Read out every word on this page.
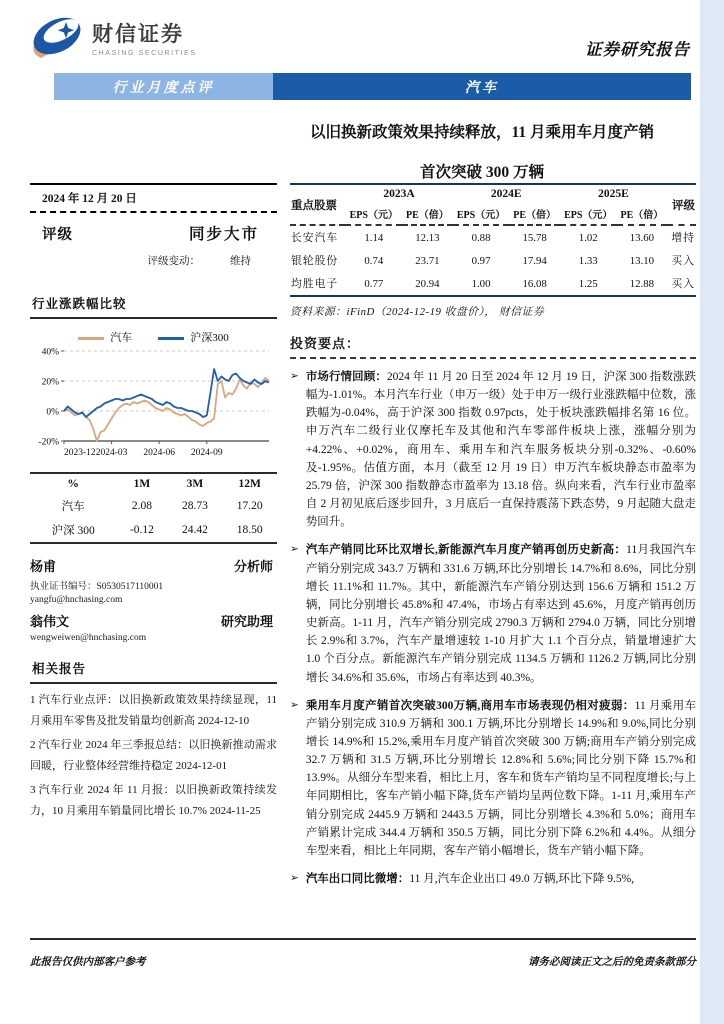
财信证券
CHASING SECURITIES	证券研究报告
行业月度点评	汽车
以旧换新政策效果持续释放，11 月乘用车月度产销
首次突破 300 万辆
2024 年 12 月 20 日
评级	同步大市
评级变动：	维持
行业涨跌幅比较
汽车	沪深300
40%
20%
0%
-20%
2023-12 2024-03 2024-06 2024-09
%	1M	3M	12M
汽车	2.08	28.73	17.20
沪深 300	-0.12	24.42	18.50
杨甫	分析师
执业证书编号：S0530517110001
yangfu@hnchasing.com
翁伟文	研究助理
wengweiwen@hnchasing.com
相关报告
1 汽车行业点评：以旧换新政策效果持续显现，11 月乘用车零售及批发销量均创新高 2024-12-10
2 汽车行业 2024 年三季报总结：以旧换新推动需求回暖，行业整体经营维持稳定 2024-12-01
3 汽车行业 2024 年 11 月报：以旧换新政策持续发力，10 月乘用车销量同比增长 10.7% 2024-11-25
重点股票	2023A		2024E		2025E		评级
	EPS（元）	PE（倍）	EPS（元）	PE（倍）	EPS（元）	PE（倍）	
长安汽车	1.14	12.13	0.88	15.78	1.02	13.60	增持
银轮股份	0.74	23.71	0.97	17.94	1.33	13.10	买入
均胜电子	0.77	20.94	1.00	16.08	1.25	12.88	买入
资料来源：iFinD（2024-12-19 收盘价）， 财信证券
投资要点：
➢ 市场行情回顾：2024 年 11 月 20 日至 2024 年 12 月 19 日，沪深 300 指数涨跌幅为-1.01%。本月汽车行业（申万一级）处于申万一级行业涨跌幅中位数，涨跌幅为-0.04%，高于沪深 300 指数 0.97pcts，处于板块涨跌幅排名第 16 位。申万汽车二级行业仅摩托车及其他和汽车零部件板块上涨，涨幅分别为+4.22%、+0.02%，商用车、乘用车和汽车服务板块分别-0.32%、-0.60%及-1.95%。估值方面，本月（截至 12 月 19 日）申万汽车板块静态市盈率为 25.79 倍，沪深 300 指数静态市盈率为 13.18 倍。纵向来看，汽车行业市盈率自 2 月初见底后逐步回升，3 月底后一直保持震荡下跌态势，9 月起随大盘走势回升。
➢ 汽车产销同比环比双增长,新能源汽车月度产销再创历史新高：11月我国汽车产销分别完成 343.7 万辆和 331.6 万辆,环比分别增长 14.7%和 8.6%，同比分别增长 11.1%和 11.7%。其中，新能源汽车产销分别达到 156.6 万辆和 151.2 万辆，同比分别增长 45.8%和 47.4%，市场占有率达到 45.6%，月度产销再创历史新高。1-11 月，汽车产销分别完成 2790.3 万辆和 2794.0 万辆，同比分别增长 2.9%和 3.7%，汽车产量增速较 1-10 月扩大 1.1 个百分点，销量增速扩大 1.0 个百分点。新能源汽车产销分别完成 1134.5 万辆和 1126.2 万辆,同比分别增长 34.6%和 35.6%，市场占有率达到 40.3%。
➢ 乘用车月度产销首次突破300万辆,商用车市场表现仍相对疲弱：11 月乘用车产销分别完成 310.9 万辆和 300.1 万辆,环比分别增长 14.9%和 9.0%,同比分别增长 14.9%和 15.2%,乘用车月度产销首次突破 300 万辆;商用车产销分别完成 32.7 万辆和 31.5 万辆,环比分别增长 12.8%和 5.6%;同比分别下降 15.7%和 13.9%。从细分车型来看，相比上月，客车和货车产销均呈不同程度增长;与上年同期相比，客车产销小幅下降,货车产销均呈两位数下降。1-11 月,乘用车产销分别完成 2445.9 万辆和 2443.5 万辆，同比分别增长 4.3%和 5.0%；商用车产销累计完成 344.4 万辆和 350.5 万辆，同比分别下降 6.2%和 4.4%。从细分车型来看，相比上年同期，客车产销小幅增长，货车产销小幅下降。
➢ 汽车出口同比微增：11 月,汽车企业出口 49.0 万辆,环比下降 9.5%,
此报告仅供内部客户参考	请务必阅读正文之后的免责条款部分
